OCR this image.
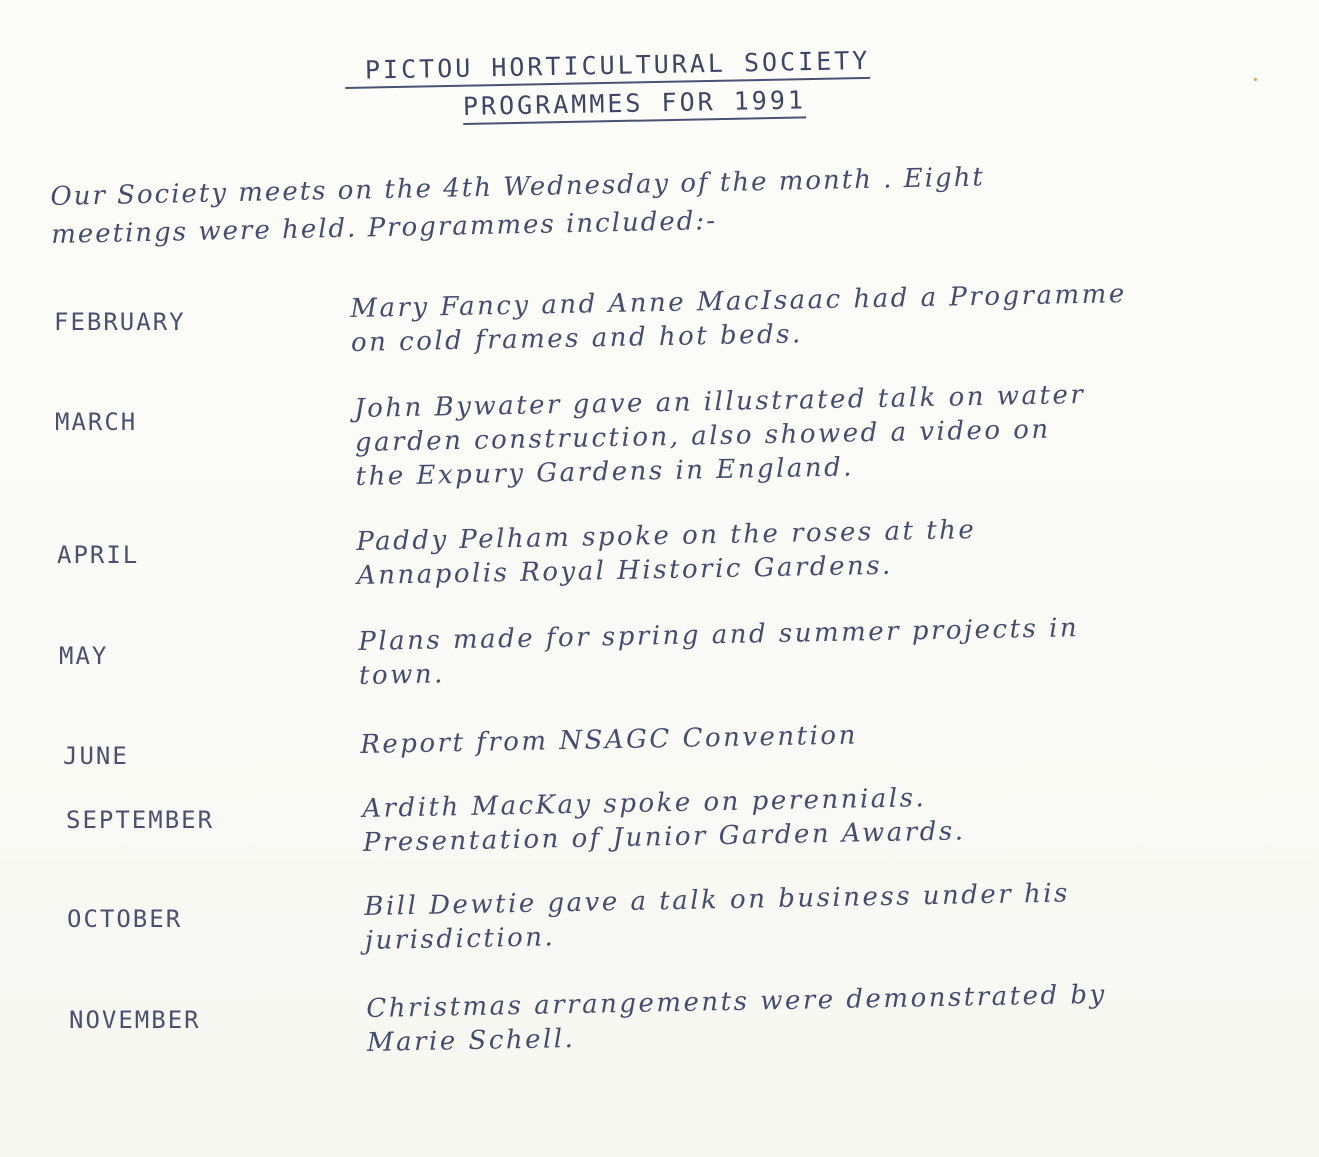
PICTOU HORTICULTURAL SOCIETY
PROGRAMMES FOR 1991
Our Society meets on the 4th Wednesday of the month . Eight
meetings were held. Programmes included:-
FEBRUARY	Mary Fancy and Anne MacIsaac had a Programme
on cold frames and hot beds.
MARCH	John Bywater gave an illustrated talk on water
garden construction, also showed a video on
the Expury Gardens in England.
APRIL	Paddy Pelham spoke on the roses at the
Annapolis Royal Historic Gardens.
MAY	Plans made for spring and summer projects in
town.
JUNE	Report from NSAGC Convention
SEPTEMBER	Ardith MacKay spoke on perennials.
Presentation of Junior Garden Awards.
OCTOBER	Bill Dewtie gave a talk on business under his
jurisdiction.
NOVEMBER	Christmas arrangements were demonstrated by
Marie Schell.
